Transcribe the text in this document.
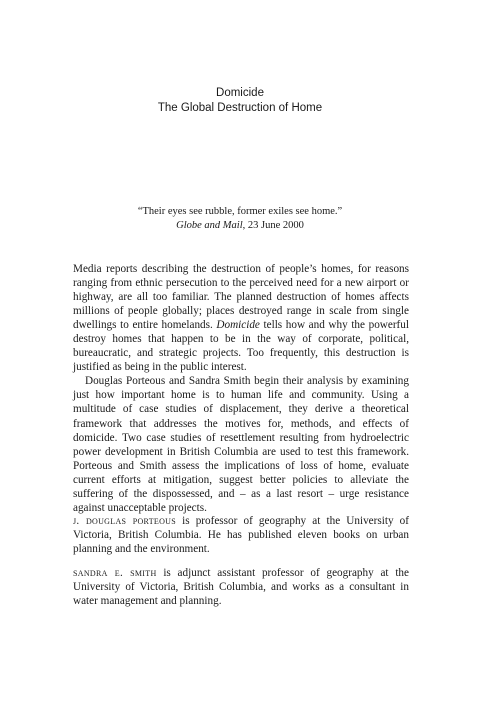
Domicide
The Global Destruction of Home
“Their eyes see rubble, former exiles see home.”
Globe and Mail, 23 June 2000

Media reports describing the destruction of people’s homes, for reasons ranging from ethnic persecution to the perceived need for a new airport or highway, are all too familiar. The planned destruction of homes affects millions of people globally; places destroyed range in scale from single dwellings to entire homelands. Domicide tells how and why the powerful destroy homes that happen to be in the way of corporate, political, bureaucratic, and strategic projects. Too frequently, this destruction is justified as being in the public interest.

Douglas Porteous and Sandra Smith begin their analysis by examining just how important home is to human life and community. Using a multitude of case studies of displacement, they derive a theoretical framework that addresses the motives for, methods, and effects of domicide. Two case studies of resettlement resulting from hydroelectric power development in British Columbia are used to test this framework. Porteous and Smith assess the implications of loss of home, evaluate current efforts at mitigation, suggest better policies to alleviate the suffering of the dispossessed, and – as a last resort – urge resistance against unacceptable projects.

j. douglas porteous is professor of geography at the University of Victoria, British Columbia. He has published eleven books on urban planning and the environment.

sandra e. smith is adjunct assistant professor of geography at the University of Victoria, British Columbia, and works as a consultant in water management and planning.
